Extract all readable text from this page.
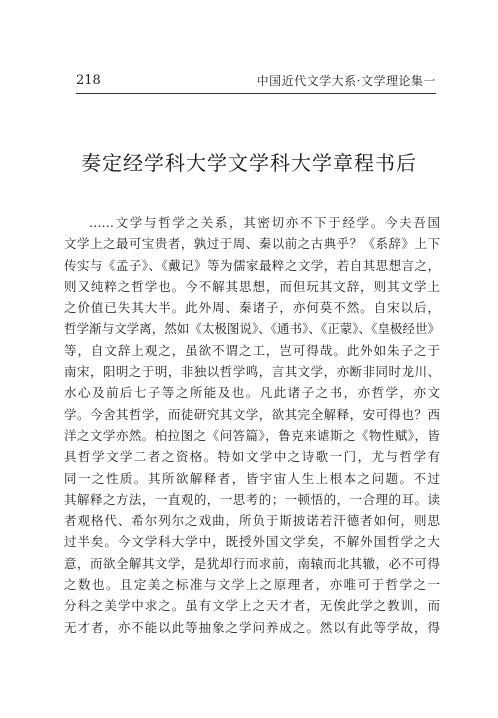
218	中国近代文学大系·文学理论集一
奏定经学科大学文学科大学章程书后
……文学与哲学之关系，其密切亦不下于经学。今夫吾国
文学上之最可宝贵者，孰过于周、秦以前之古典乎？《系辞》上下
传实与《孟子》、《戴记》等为儒家最粹之文学，若自其思想言之，
则又纯粹之哲学也。今不解其思想，而但玩其文辞，则其文学上
之价值已失其大半。此外周、秦诸子，亦何莫不然。自宋以后，
哲学渐与文学离，然如《太极图说》、《通书》、《正蒙》、《皇极经世》
等，自文辞上观之，虽欲不谓之工，岂可得哉。此外如朱子之于
南宋，阳明之于明，非独以哲学鸣，言其文学，亦断非同时龙川、
水心及前后七子等之所能及也。凡此诸子之书，亦哲学，亦文
学。今舍其哲学，而徒研究其文学，欲其完全解释，安可得也？西
洋之文学亦然。柏拉图之《问答篇》，鲁克来谑斯之《物性赋》，皆
具哲学文学二者之资格。特如文学中之诗歌一门，尤与哲学有
同一之性质。其所欲解释者，皆宇宙人生上根本之问题。不过
其解释之方法，一直观的，一思考的；一顿悟的，一合理的耳。读
者观格代、希尔列尔之戏曲，所负于斯披诺若汗德者如何，则思
过半矣。今文学科大学中，既授外国文学矣，不解外国哲学之大
意，而欲全解其文学，是犹却行而求前，南辕而北其辙，必不可得
之数也。且定美之标准与文学上之原理者，亦唯可于哲学之一
分科之美学中求之。虽有文学上之天才者，无俟此学之教训，而
无才者，亦不能以此等抽象之学问养成之。然以有此等学故，得
